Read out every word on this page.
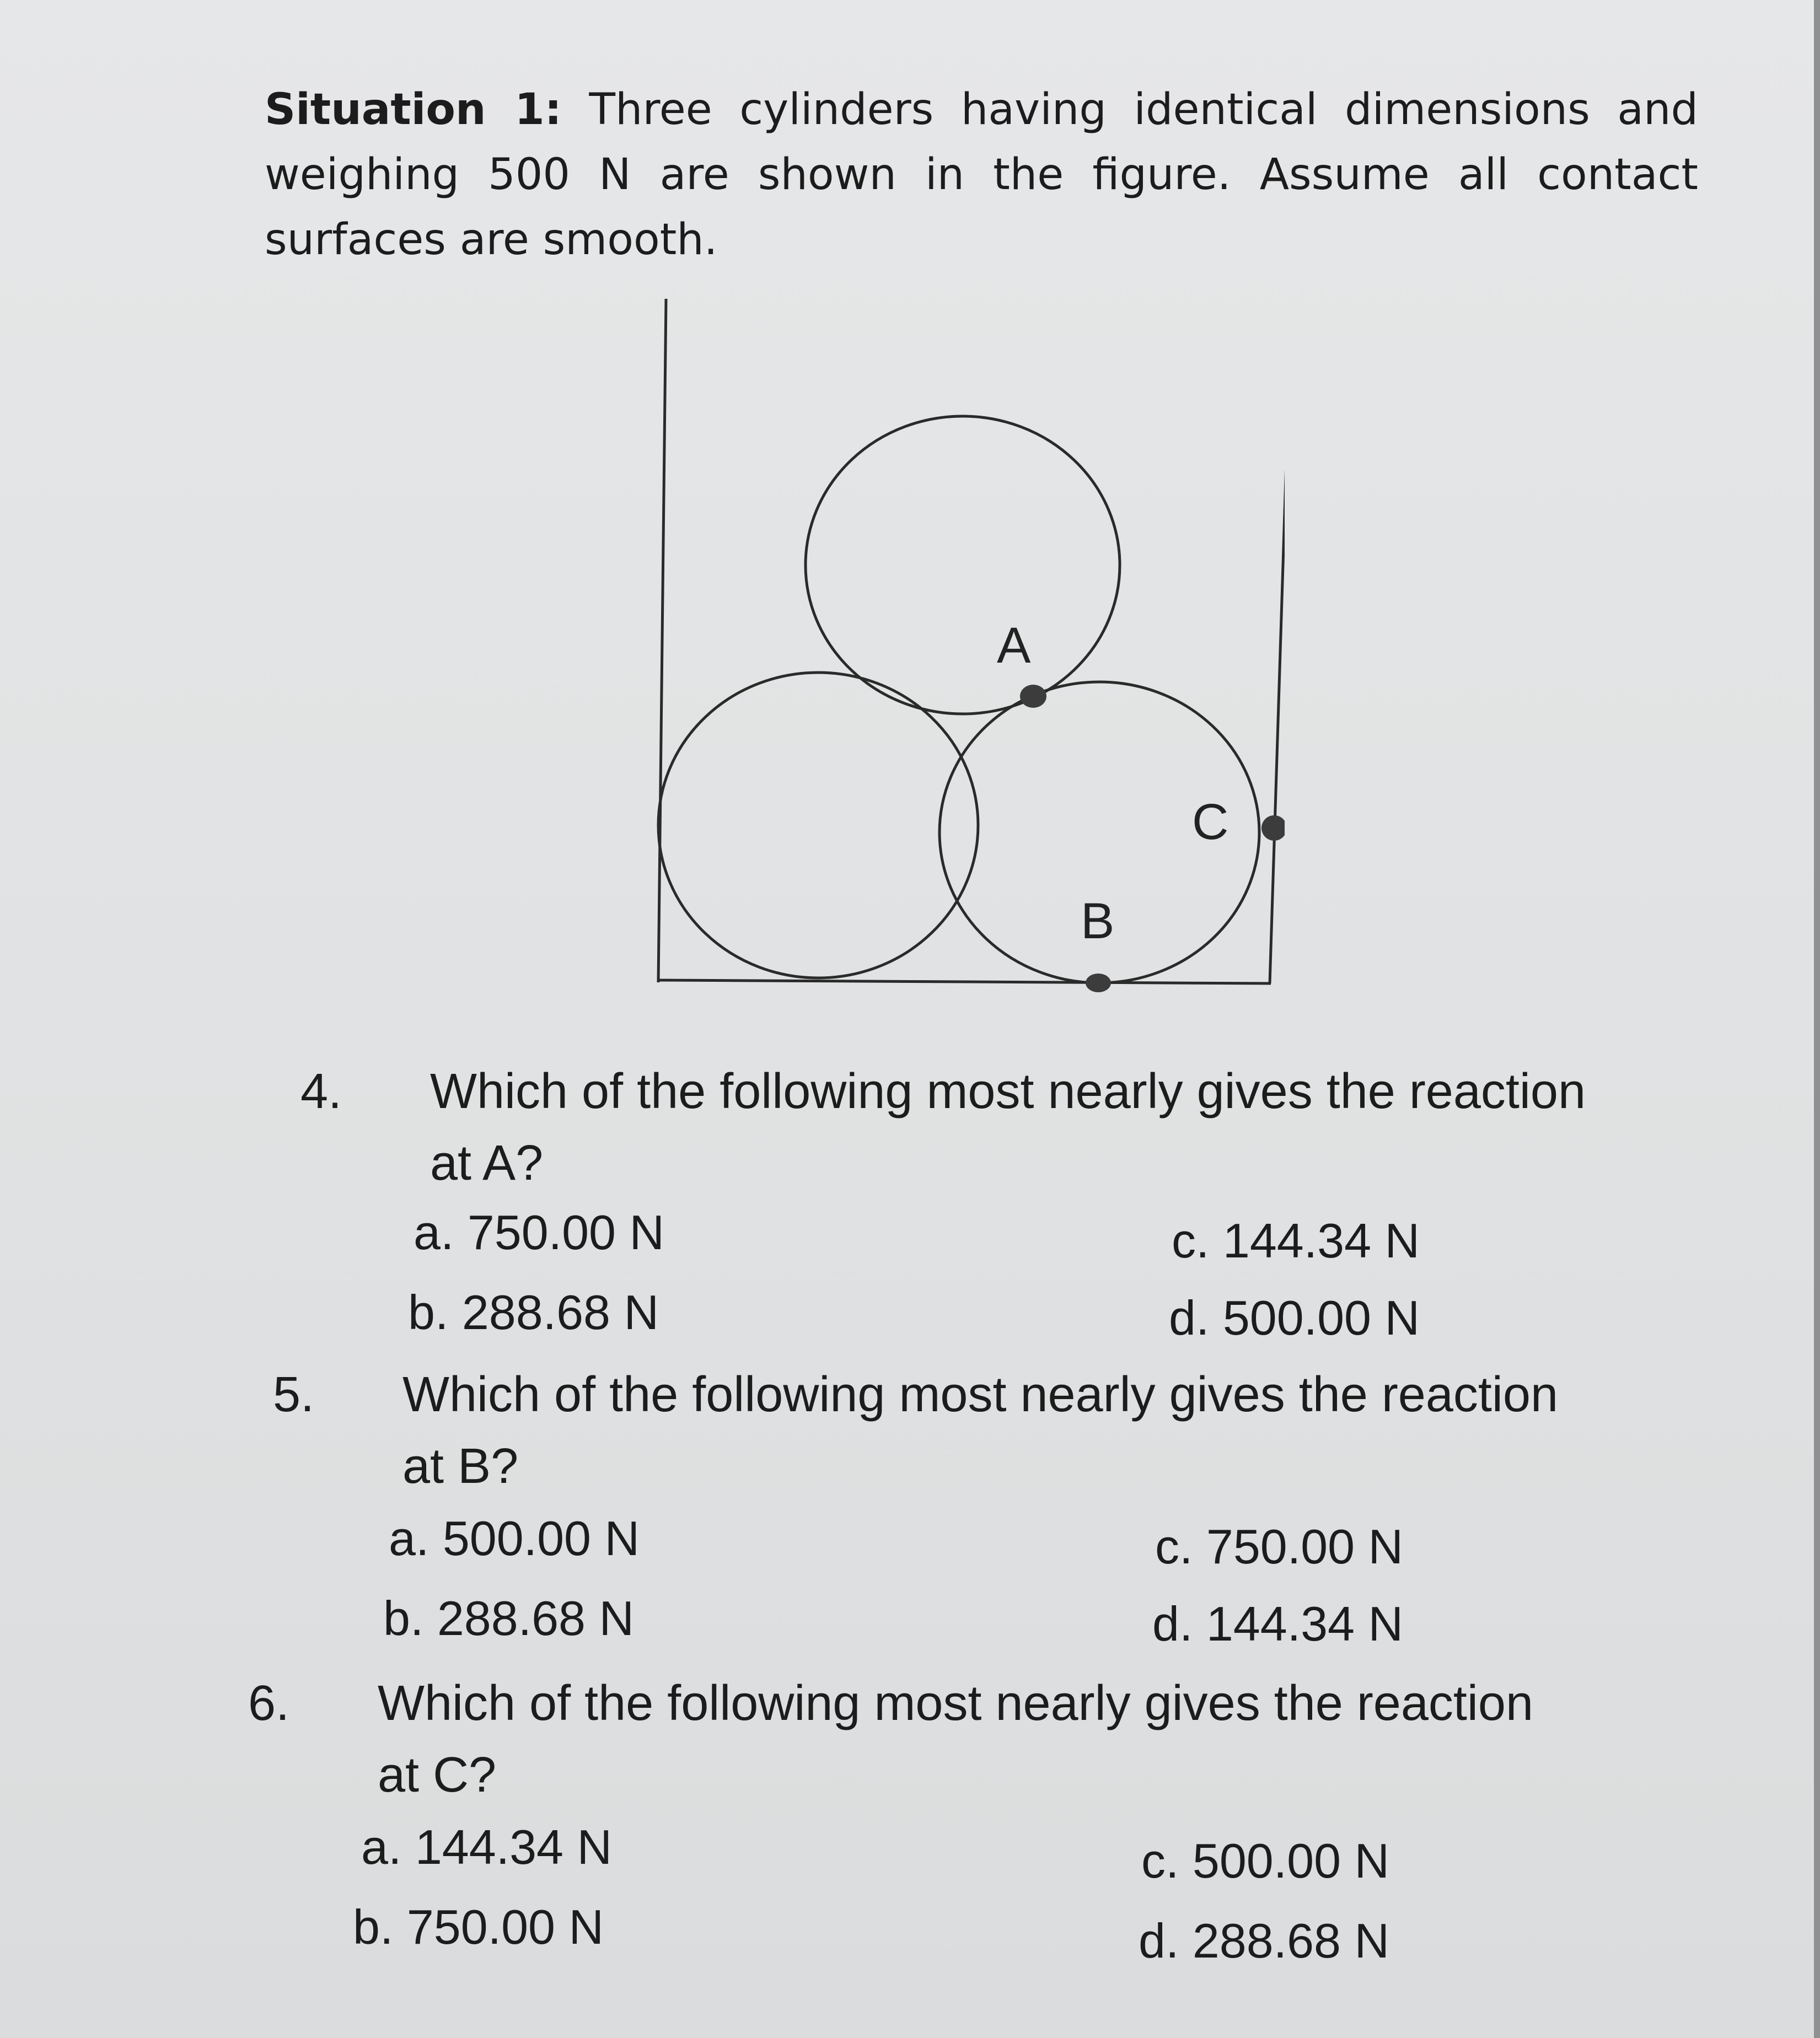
Situation 1: Three cylinders having identical dimensions and weighing 500 N are shown in the figure. Assume all contact surfaces are smooth.
A
C
B
4. Which of the following most nearly gives the reaction
at A?
a. 750.00 N	c. 144.34 N
b. 288.68 N	d. 500.00 N
5. Which of the following most nearly gives the reaction
at B?
a. 500.00 N	c. 750.00 N
b. 288.68 N	d. 144.34 N
6. Which of the following most nearly gives the reaction
at C?
a. 144.34 N	c. 500.00 N
b. 750.00 N	d. 288.68 N
